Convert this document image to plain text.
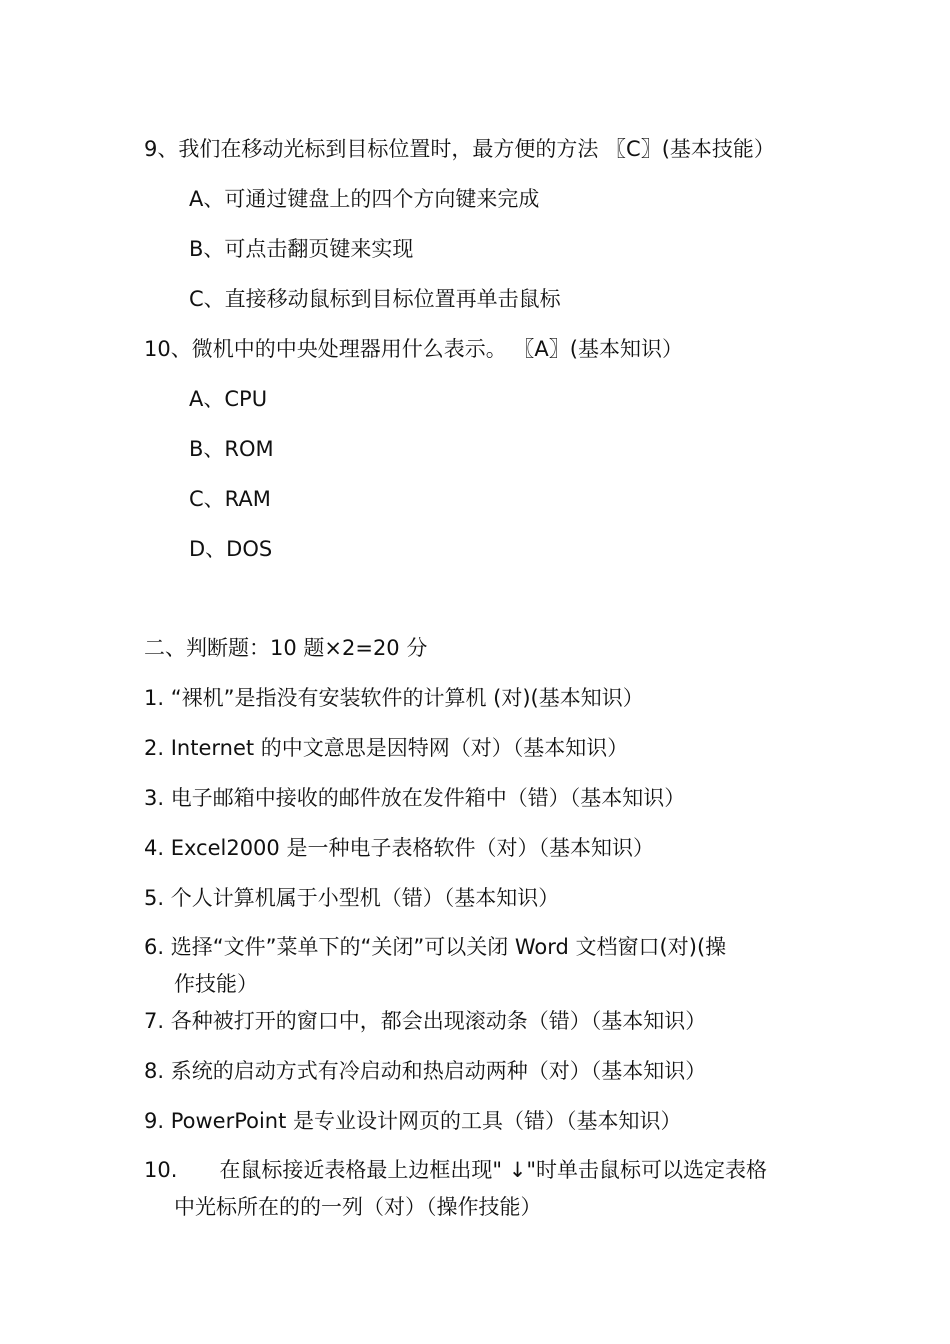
9、我们在移动光标到目标位置时，最方便的方法 〖C〗(基本技能）
A、可通过键盘上的四个方向键来完成
B、可点击翻页键来实现
C、直接移动鼠标到目标位置再单击鼠标
10、微机中的中央处理器用什么表示。 〖A〗(基本知识）
A、CPU
B、ROM
C、RAM
D、DOS
二、判断题：10 题×2=20 分
1. “裸机”是指没有安装软件的计算机 (对)(基本知识）
2. Internet 的中文意思是因特网（对）（基本知识）
3. 电子邮箱中接收的邮件放在发件箱中（错）（基本知识）
4. Excel2000 是一种电子表格软件（对）（基本知识）
5. 个人计算机属于小型机（错）（基本知识）
6. 选择“文件”菜单下的“关闭”可以关闭 Word 文档窗口(对)(操
作技能）
7. 各种被打开的窗口中，都会出现滚动条（错）（基本知识）
8. 系统的启动方式有冷启动和热启动两种（对）（基本知识）
9. PowerPoint 是专业设计网页的工具（错）（基本知识）
10.　　在鼠标接近表格最上边框出现" ↓"时单击鼠标可以选定表格
中光标所在的的一列（对）（操作技能）
